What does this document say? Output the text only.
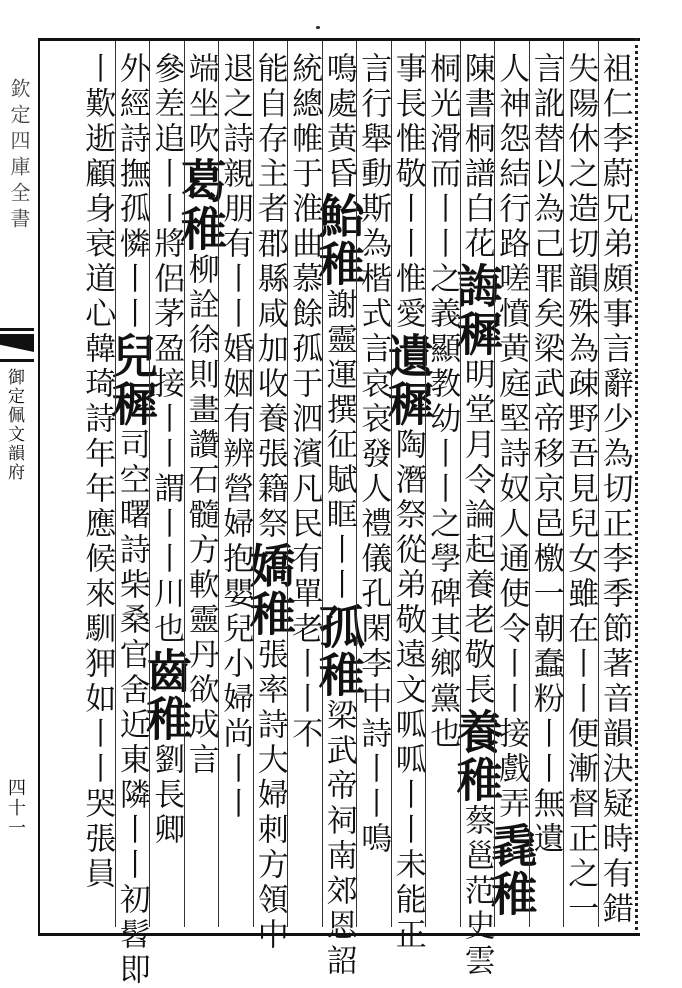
欽定四庫全書
御定佩文韻府
四十一	祖仁李蔚兄弟頗事言辭少為切正李季節著音韻決疑時有錯
失陽休之造切韻殊為疎野吾見兒女雖在丨丨便漸督正之一
言訛替以為己罪矣梁武帝移京邑檄一朝蠢粉丨丨無遺
人神怨結行路嗟憤黄庭堅詩奴人通使令丨丨接戲弄毳稚
陳書桐譜白花誨穉明堂月令論起養老敬長養稚蔡邕范史雲
桐光滑而丨丨之義顯教幼丨丨之學碑其鄉黨也
事長惟敬丨丨惟愛遺穉陶潛祭從弟敬遠文呱呱丨丨未能正
言行舉動斯為楷式言哀哀發人禮儀孔閑李中詩丨丨鳴
鳴處黄昏鮐稚謝靈運撰征賦眶丨丨孤稚梁武帝祠南郊恩詔
統總帷于淮曲慕餘孤于泗濱凡民有單老丨丨不
能自存主者郡縣咸加收養張籍祭嬌稚張率詩大婦刺方領中
退之詩親朋有丨丨婚姻有辨營婦抱嬰兒小婦尚丨丨
端坐吹葛稚柳詮徐則畫讚石髓方軟靈丹欲成言
參差追丨丨將侶茅盈接丨丨謂丨丨川也齒稚劉長卿
外經詩撫孤憐丨丨兒穉司空曙詩柴桑官舍近東隣丨丨初髫即
丨歎逝顧身衰道心韓琦詩年年應候來馴狎如丨丨哭張員
